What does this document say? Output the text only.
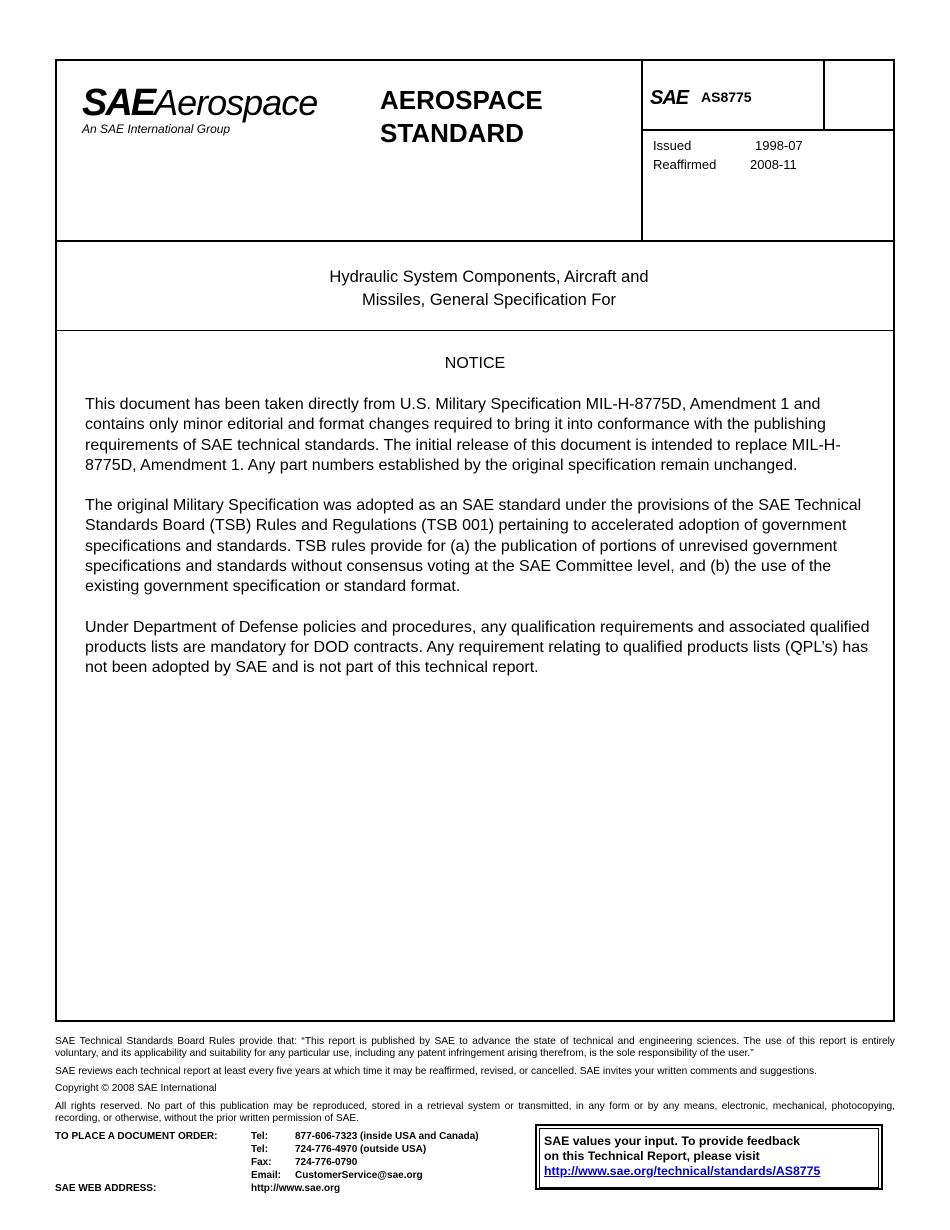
SAEAerospace
An SAE International Group
AEROSPACE
STANDARD
SAE AS8775
Issued	1998-07
Reaffirmed	2008-11
Hydraulic System Components, Aircraft and
Missiles, General Specification For
NOTICE

This document has been taken directly from U.S. Military Specification MIL-H-8775D, Amendment 1 and contains only minor editorial and format changes required to bring it into conformance with the publishing requirements of SAE technical standards. The initial release of this document is intended to replace MIL-H-8775D, Amendment 1. Any part numbers established by the original specification remain unchanged.

The original Military Specification was adopted as an SAE standard under the provisions of the SAE Technical Standards Board (TSB) Rules and Regulations (TSB 001) pertaining to accelerated adoption of government specifications and standards. TSB rules provide for (a) the publication of portions of unrevised government specifications and standards without consensus voting at the SAE Committee level, and (b) the use of the existing government specification or standard format.

Under Department of Defense policies and procedures, any qualification requirements and associated qualified products lists are mandatory for DOD contracts. Any requirement relating to qualified products lists (QPL’s) has not been adopted by SAE and is not part of this technical report.

SAE Technical Standards Board Rules provide that: “This report is published by SAE to advance the state of technical and engineering sciences. The use of this report is entirely voluntary, and its applicability and suitability for any particular use, including any patent infringement arising therefrom, is the sole responsibility of the user.”

SAE reviews each technical report at least every five years at which time it may be reaffirmed, revised, or cancelled. SAE invites your written comments and suggestions.

Copyright © 2008 SAE International

All rights reserved. No part of this publication may be reproduced, stored in a retrieval system or transmitted, in any form or by any means, electronic, mechanical, photocopying, recording, or otherwise, without the prior written permission of SAE.

TO PLACE A DOCUMENT ORDER:
SAE WEB ADDRESS:
Tel:	877-606-7323 (inside USA and Canada)
Tel:	724-776-4970 (outside USA)
Fax: 724-776-0790
Email: CustomerService@sae.org
http://www.sae.org
SAE values your input. To provide feedback
on this Technical Report, please visit
http://www.sae.org/technical/standards/AS8775
